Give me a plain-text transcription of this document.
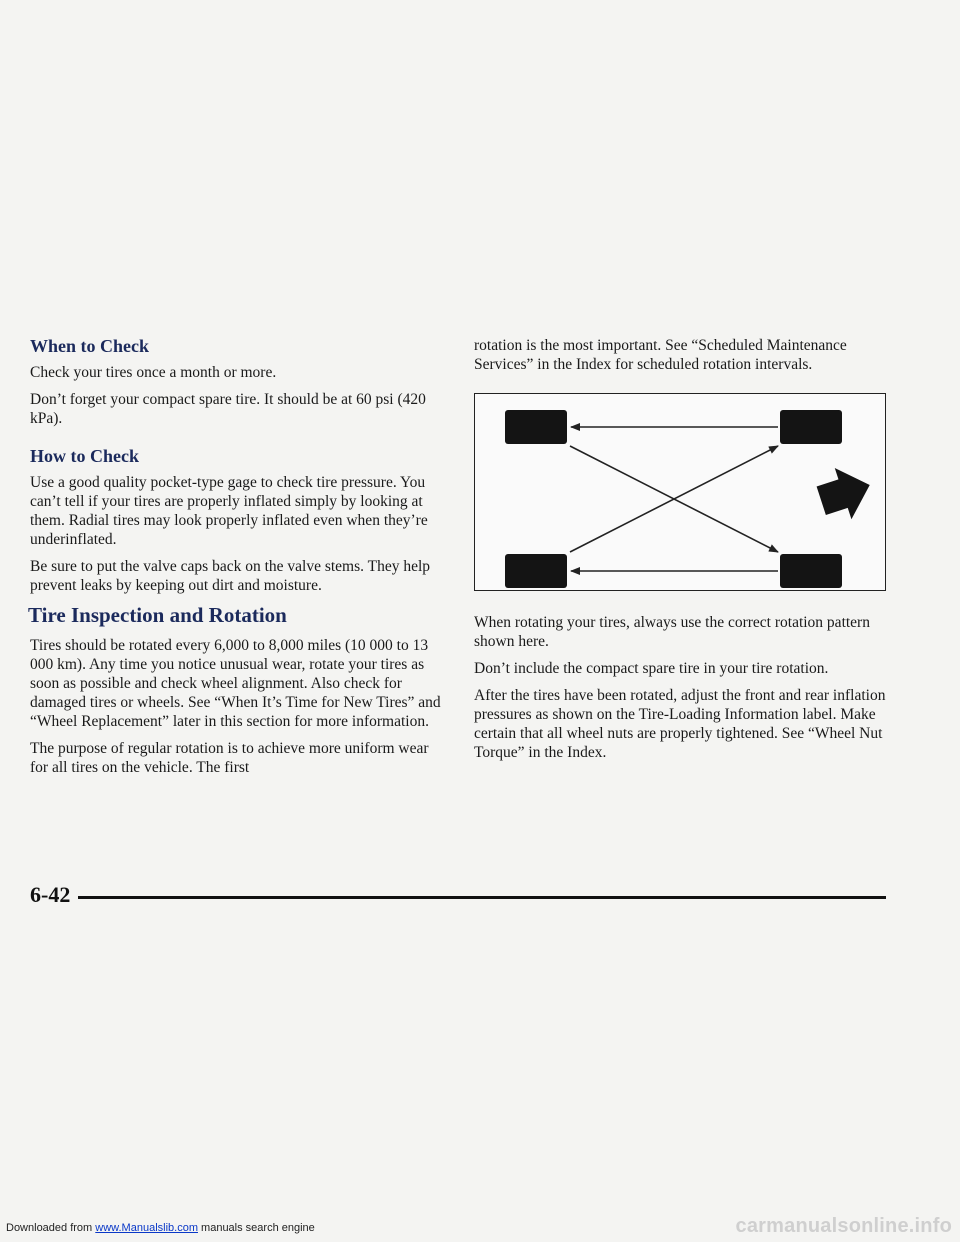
When to Check

Check your tires once a month or more.

Don’t forget your compact spare tire. It should be at 60 psi (420 kPa).

How to Check

Use a good quality pocket-type gage to check tire pressure. You can’t tell if your tires are properly inflated simply by looking at them. Radial tires may look properly inflated even when they’re underinflated.

Be sure to put the valve caps back on the valve stems. They help prevent leaks by keeping out dirt and moisture.

Tire Inspection and Rotation

Tires should be rotated every 6,000 to 8,000 miles (10 000 to 13 000 km). Any time you notice unusual wear, rotate your tires as soon as possible and check wheel alignment. Also check for damaged tires or wheels. See “When It’s Time for New Tires” and “Wheel Replacement” later in this section for more information.

The purpose of regular rotation is to achieve more uniform wear for all tires on the vehicle. The first

rotation is the most important. See “Scheduled Maintenance Services” in the Index for scheduled rotation intervals.

When rotating your tires, always use the correct rotation pattern shown here.

Don’t include the compact spare tire in your tire rotation.

After the tires have been rotated, adjust the front and rear inflation pressures as shown on the Tire-Loading Information label. Make certain that all wheel nuts are properly tightened. See “Wheel Nut Torque” in the Index.

6-42
Downloaded from www.Manualslib.com manuals search engine	carmanualsonline.info
